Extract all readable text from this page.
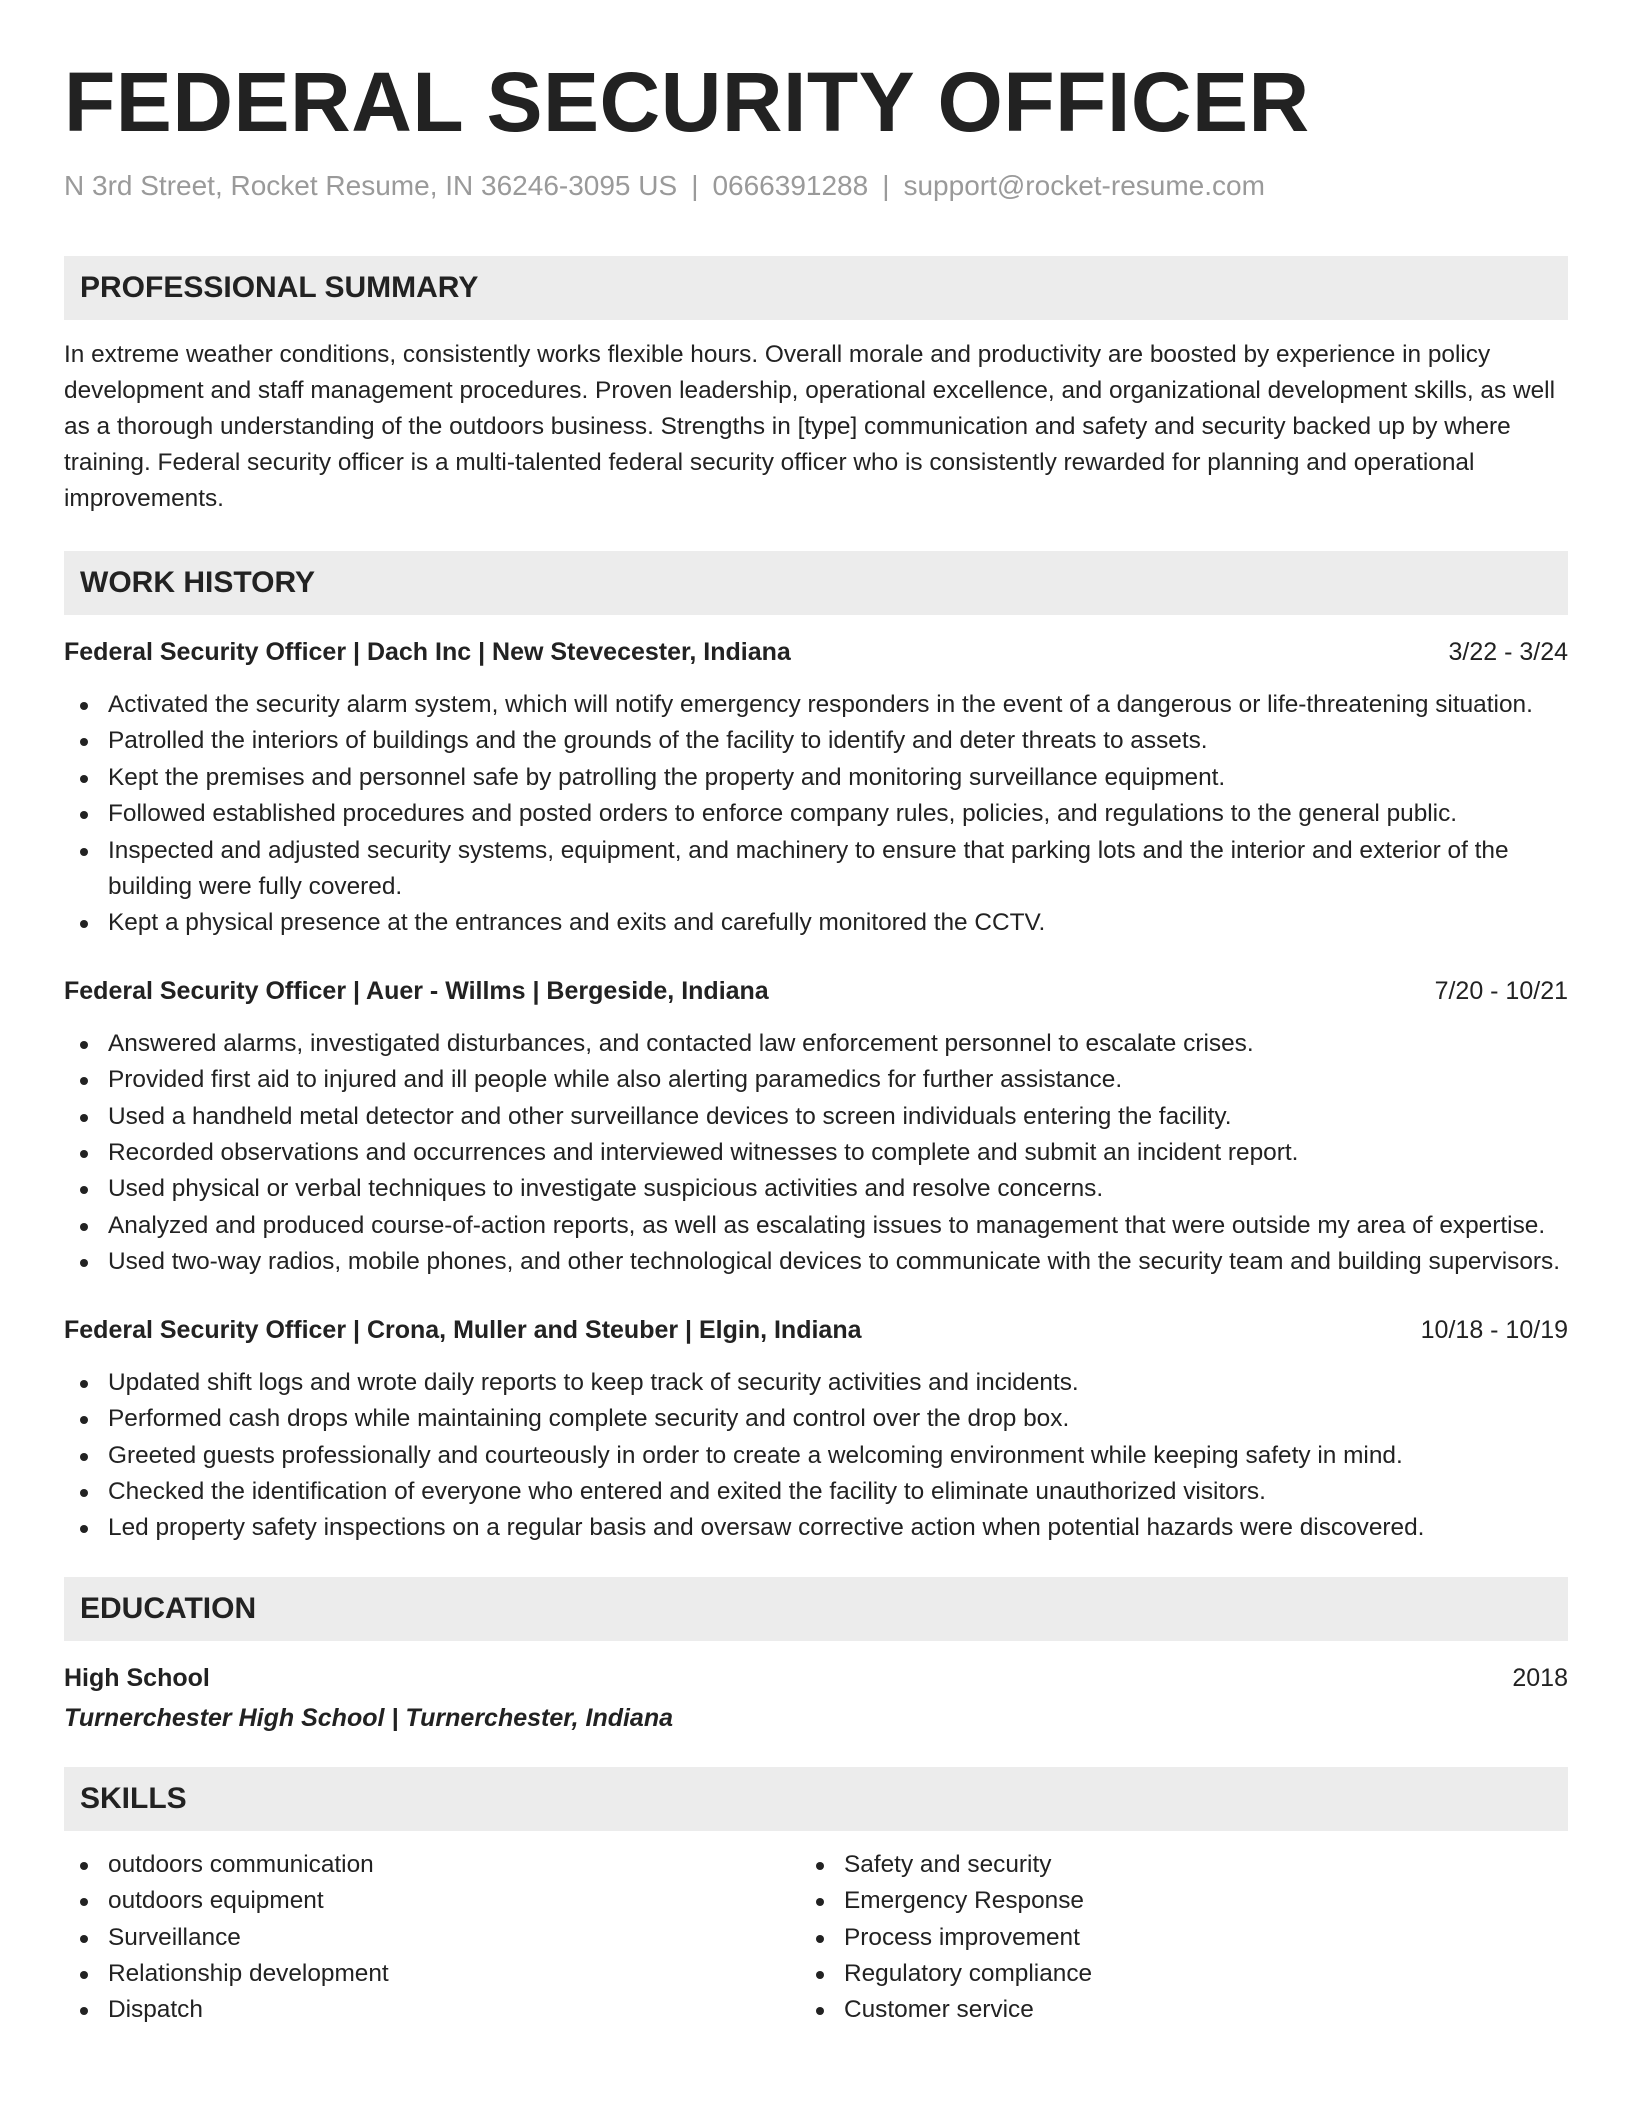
FEDERAL SECURITY OFFICER
N 3rd Street, Rocket Resume, IN 36246-3095 US | 0666391288 | support@rocket-resume.com
PROFESSIONAL SUMMARY
In extreme weather conditions, consistently works flexible hours. Overall morale and productivity are boosted by experience in policy development and staff management procedures. Proven leadership, operational excellence, and organizational development skills, as well as a thorough understanding of the outdoors business. Strengths in [type] communication and safety and security backed up by where training. Federal security officer is a multi-talented federal security officer who is consistently rewarded for planning and operational improvements.
WORK HISTORY
Federal Security Officer | Dach Inc | New Stevecester, Indiana	3/22 - 3/24
Activated the security alarm system, which will notify emergency responders in the event of a dangerous or life-threatening situation.
Patrolled the interiors of buildings and the grounds of the facility to identify and deter threats to assets.
Kept the premises and personnel safe by patrolling the property and monitoring surveillance equipment.
Followed established procedures and posted orders to enforce company rules, policies, and regulations to the general public.
Inspected and adjusted security systems, equipment, and machinery to ensure that parking lots and the interior and exterior of the building were fully covered.
Kept a physical presence at the entrances and exits and carefully monitored the CCTV.
Federal Security Officer | Auer - Willms | Bergeside, Indiana	7/20 - 10/21
Answered alarms, investigated disturbances, and contacted law enforcement personnel to escalate crises.
Provided first aid to injured and ill people while also alerting paramedics for further assistance.
Used a handheld metal detector and other surveillance devices to screen individuals entering the facility.
Recorded observations and occurrences and interviewed witnesses to complete and submit an incident report.
Used physical or verbal techniques to investigate suspicious activities and resolve concerns.
Analyzed and produced course-of-action reports, as well as escalating issues to management that were outside my area of expertise.
Used two-way radios, mobile phones, and other technological devices to communicate with the security team and building supervisors.
Federal Security Officer | Crona, Muller and Steuber | Elgin, Indiana	10/18 - 10/19
Updated shift logs and wrote daily reports to keep track of security activities and incidents.
Performed cash drops while maintaining complete security and control over the drop box.
Greeted guests professionally and courteously in order to create a welcoming environment while keeping safety in mind.
Checked the identification of everyone who entered and exited the facility to eliminate unauthorized visitors.
Led property safety inspections on a regular basis and oversaw corrective action when potential hazards were discovered.
EDUCATION
High School	2018
Turnerchester High School | Turnerchester, Indiana
SKILLS
outdoors communication
outdoors equipment
Surveillance
Relationship development
Dispatch
Safety and security
Emergency Response
Process improvement
Regulatory compliance
Customer service
